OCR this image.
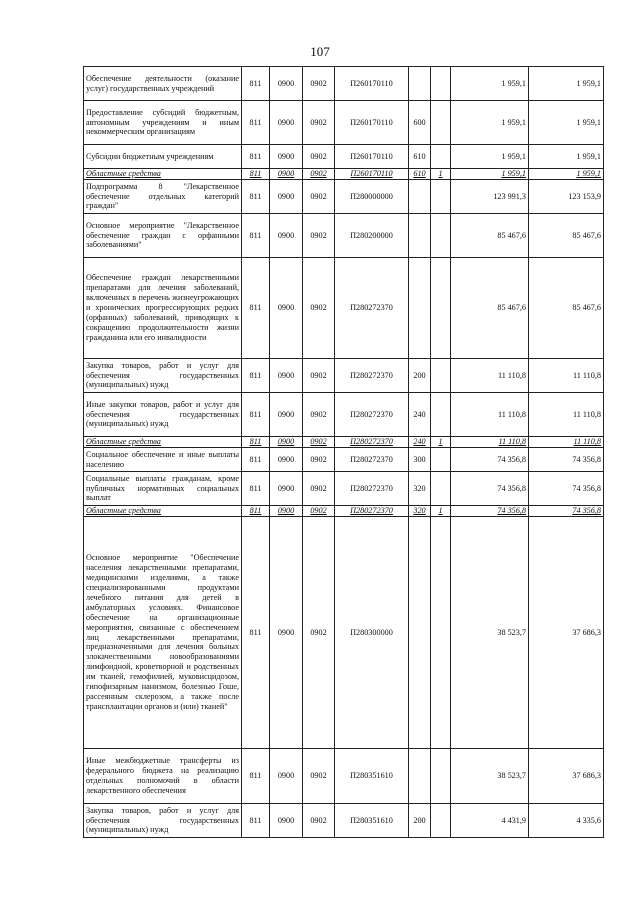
107
Обеспечение деятельности (оказание услуг) государственных учреждений	811	0900	0902	П260170110			1 959,1	1 959,1
Предоставление субсидий бюджетным, автономным учреждениям и иным некоммерческим организациям	811	0900	0902	П260170110	600		1 959,1	1 959,1
Субсидии бюджетным учреждениям	811	0900	0902	П260170110	610		1 959,1	1 959,1
Областные средства	811	0900	0902	П260170110	610	1	1 959,1	1 959,1
Подпрограмма 8 "Лекарственное обеспечение отдельных категорий граждан"	811	0900	0902	П280000000			123 991,3	123 153,9
Основное мероприятие "Лекарственное обеспечение граждан с орфанными заболеваниями"	811	0900	0902	П280200000			85 467,6	85 467,6
Обеспечение граждан лекарственными препаратами для лечения заболеваний, включенных в перечень жизнеугрожающих и хронических прогрессирующих редких (орфанных) заболеваний, приводящих к сокращению продолжительности жизни гражданина или его инвалидности	811	0900	0902	П280272370			85 467,6	85 467,6
Закупка товаров, работ и услуг для обеспечения государственных (муниципальных) нужд	811	0900	0902	П280272370	200		11 110,8	11 110,8
Иные закупки товаров, работ и услуг для обеспечения государственных (муниципальных) нужд	811	0900	0902	П280272370	240		11 110,8	11 110,8
Областные средства	811	0900	0902	П280272370	240	1	11 110,8	11 110,8
Социальное обеспечение и иные выплаты населению	811	0900	0902	П280272370	300		74 356,8	74 356,8
Социальные выплаты гражданам, кроме публичных нормативных социальных выплат	811	0900	0902	П280272370	320		74 356,8	74 356,8
Областные средства	811	0900	0902	П280272370	320	1	74 356,8	74 356,8
Основное мероприятие "Обеспечение населения лекарственными препаратами, медицинскими изделиями, а также специализированными продуктами лечебного питания для детей в амбулаторных условиях. Финансовое обеспечение на организационные мероприятия, связанные с обеспечением лиц лекарственными препаратами, предназначенными для лечения больных злокачественными новообразованиями лимфоидной, кроветворной и родственных им тканей, гемофилией, муковисцидозом, гипофизарным нанизмом, болезнью Гоше, рассеянным склерозом, а также после трансплантации органов и (или) тканей"	811	0900	0902	П280300000			38 523,7	37 686,3
Иные межбюджетные трансферты из федерального бюджета на реализацию отдельных полномочий в области лекарственного обеспечения	811	0900	0902	П280351610			38 523,7	37 686,3
Закупка товаров, работ и услуг для обеспечения государственных (муниципальных) нужд	811	0900	0902	П280351610	200		4 431,9	4 335,6
